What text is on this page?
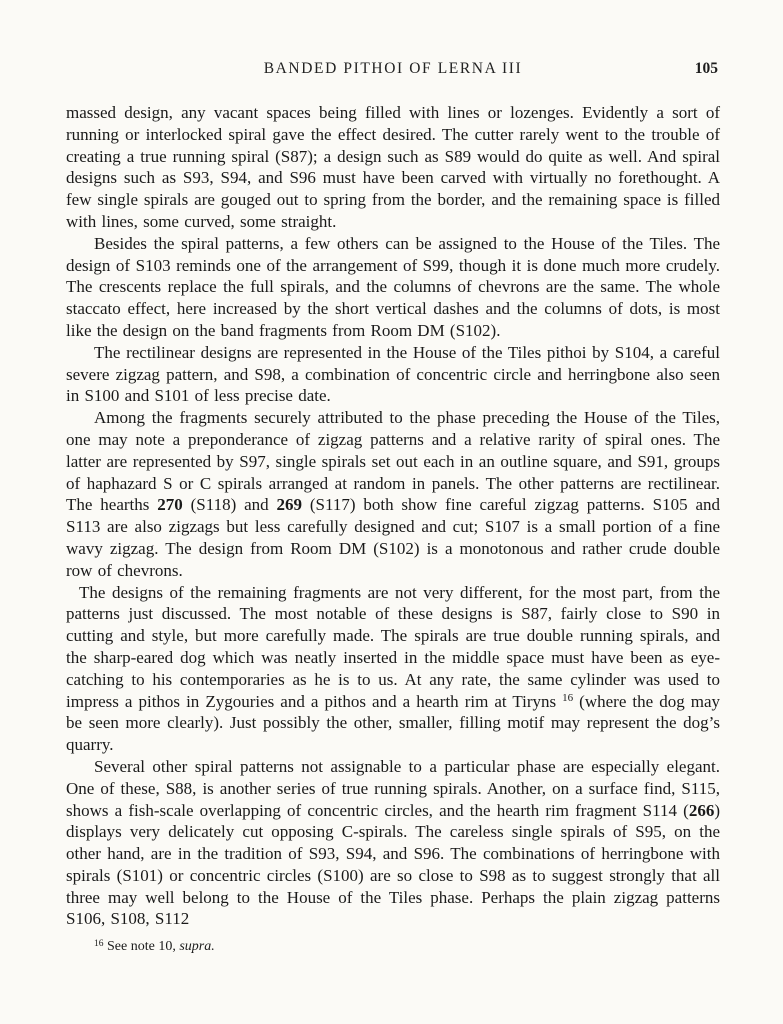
BANDED PITHOI OF LERNA III	105

massed design, any vacant spaces being filled with lines or lozenges. Evidently a sort of running or interlocked spiral gave the effect desired. The cutter rarely went to the trouble of creating a true running spiral (S87); a design such as S89 would do quite as well. And spiral designs such as S93, S94, and S96 must have been carved with virtually no forethought. A few single spirals are gouged out to spring from the border, and the remaining space is filled with lines, some curved, some straight.

Besides the spiral patterns, a few others can be assigned to the House of the Tiles. The design of S103 reminds one of the arrangement of S99, though it is done much more crudely. The crescents replace the full spirals, and the columns of chevrons are the same. The whole staccato effect, here increased by the short vertical dashes and the columns of dots, is most like the design on the band fragments from Room DM (S102).

The rectilinear designs are represented in the House of the Tiles pithoi by S104, a careful severe zigzag pattern, and S98, a combination of concentric circle and herringbone also seen in S100 and S101 of less precise date.

Among the fragments securely attributed to the phase preceding the House of the Tiles, one may note a preponderance of zigzag patterns and a relative rarity of spiral ones. The latter are represented by S97, single spirals set out each in an outline square, and S91, groups of haphazard S or C spirals arranged at random in panels. The other patterns are rectilinear. The hearths 270 (S118) and 269 (S117) both show fine careful zigzag patterns. S105 and S113 are also zigzags but less carefully designed and cut; S107 is a small portion of a fine wavy zigzag. The design from Room DM (S102) is a monotonous and rather crude double row of chevrons.

The designs of the remaining fragments are not very different, for the most part, from the patterns just discussed. The most notable of these designs is S87, fairly close to S90 in cutting and style, but more carefully made. The spirals are true double running spirals, and the sharp-eared dog which was neatly inserted in the middle space must have been as eye-catching to his contemporaries as he is to us. At any rate, the same cylinder was used to impress a pithos in Zygouries and a pithos and a hearth rim at Tiryns $^{16}$ (where the dog may be seen more clearly). Just possibly the other, smaller, filling motif may represent the dog’s quarry.

Several other spiral patterns not assignable to a particular phase are especially elegant. One of these, S88, is another series of true running spirals. Another, on a surface find, S115, shows a fish-scale overlapping of concentric circles, and the hearth rim fragment S114 (266) displays very delicately cut opposing C-spirals. The careless single spirals of S95, on the other hand, are in the tradition of S93, S94, and S96. The combinations of herringbone with spirals (S101) or concentric circles (S100) are so close to S98 as to suggest strongly that all three may well belong to the House of the Tiles phase. Perhaps the plain zigzag patterns S106, S108, S112

$^{16}$ See note 10, supra.
